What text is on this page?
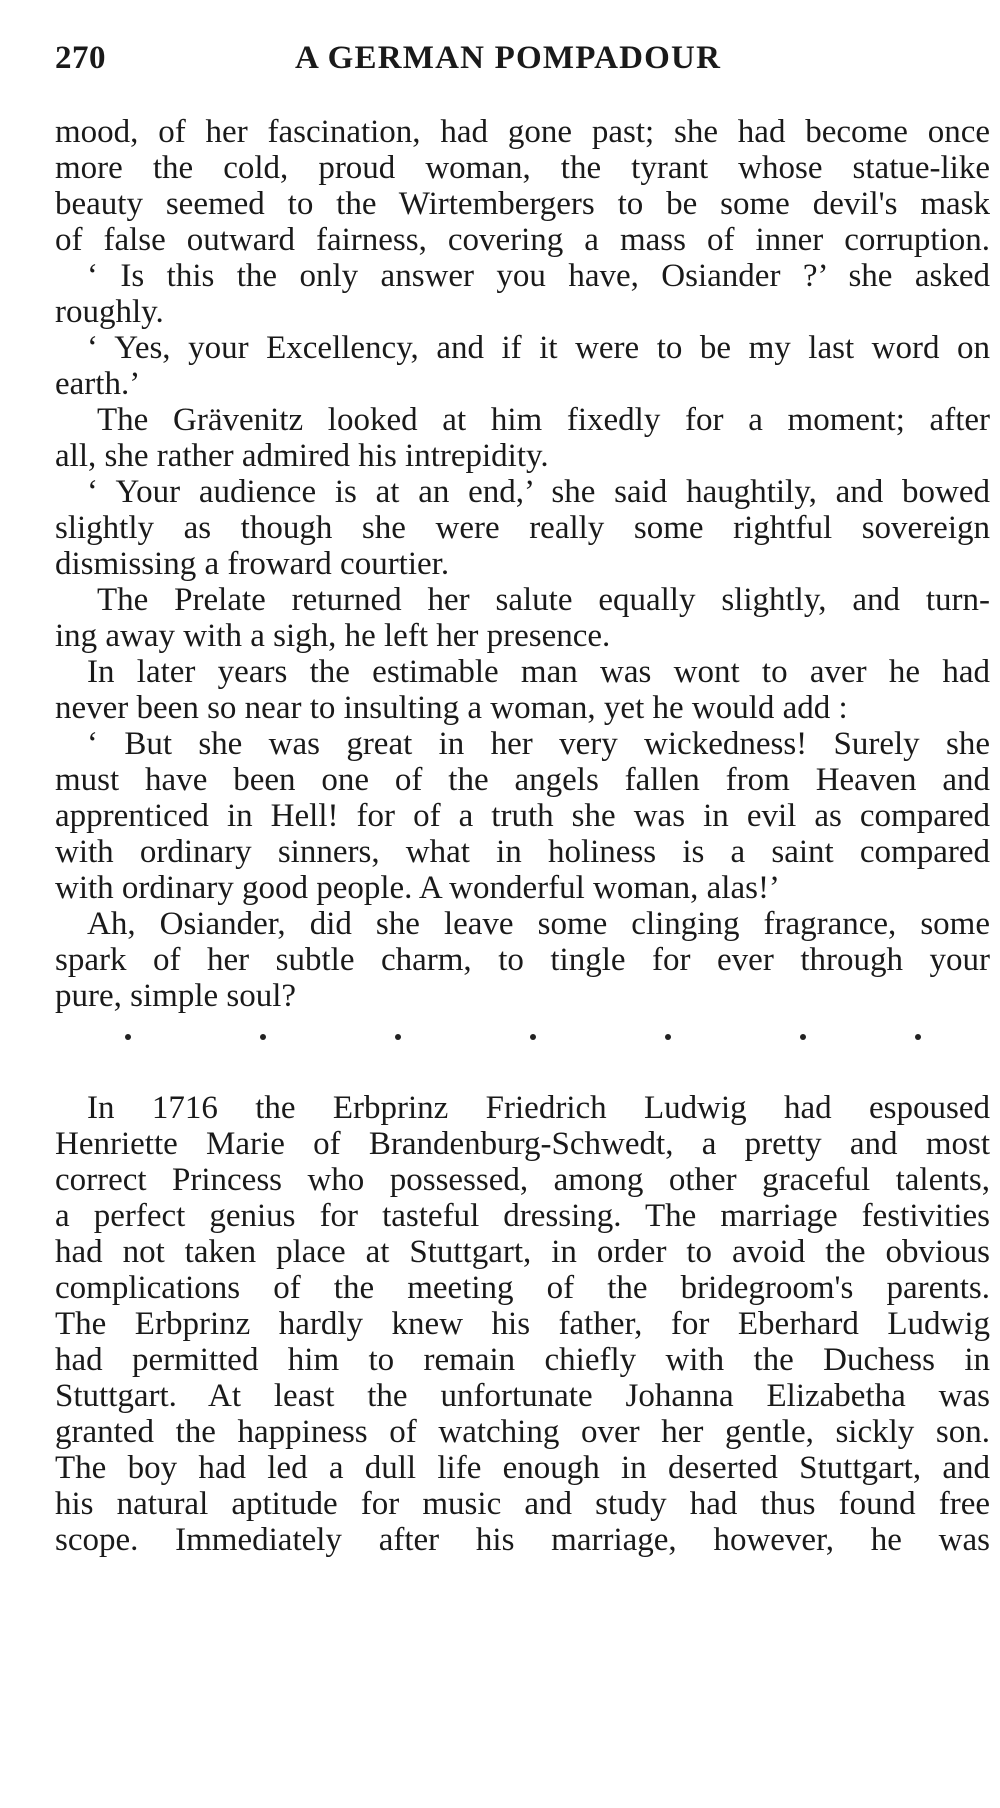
270	A GERMAN POMPADOUR
mood, of her fascination, had gone past; she had become once
more the cold, proud woman, the tyrant whose statue-like
beauty seemed to the Wirtembergers to be some devil's mask
of false outward fairness, covering a mass of inner corruption.
‘ Is this the only answer you have, Osiander ?’ she asked
roughly.
‘ Yes, your Excellency, and if it were to be my last word on
earth.’
The Grävenitz looked at him fixedly for a moment; after
all, she rather admired his intrepidity.
‘ Your audience is at an end,’ she said haughtily, and bowed
slightly as though she were really some rightful sovereign
dismissing a froward courtier.
The Prelate returned her salute equally slightly, and turn-
ing away with a sigh, he left her presence.
In later years the estimable man was wont to aver he had
never been so near to insulting a woman, yet he would add :
‘ But she was great in her very wickedness! Surely she
must have been one of the angels fallen from Heaven and
apprenticed in Hell! for of a truth she was in evil as compared
with ordinary sinners, what in holiness is a saint compared
with ordinary good people. A wonderful woman, alas!’
Ah, Osiander, did she leave some clinging fragrance, some
spark of her subtle charm, to tingle for ever through your
pure, simple soul?
In 1716 the Erbprinz Friedrich Ludwig had espoused
Henriette Marie of Brandenburg-Schwedt, a pretty and most
correct Princess who possessed, among other graceful talents,
a perfect genius for tasteful dressing. The marriage festivities
had not taken place at Stuttgart, in order to avoid the obvious
complications of the meeting of the bridegroom's parents.
The Erbprinz hardly knew his father, for Eberhard Ludwig
had permitted him to remain chiefly with the Duchess in
Stuttgart. At least the unfortunate Johanna Elizabetha was
granted the happiness of watching over her gentle, sickly son.
The boy had led a dull life enough in deserted Stuttgart, and
his natural aptitude for music and study had thus found free
scope. Immediately after his marriage, however, he was
